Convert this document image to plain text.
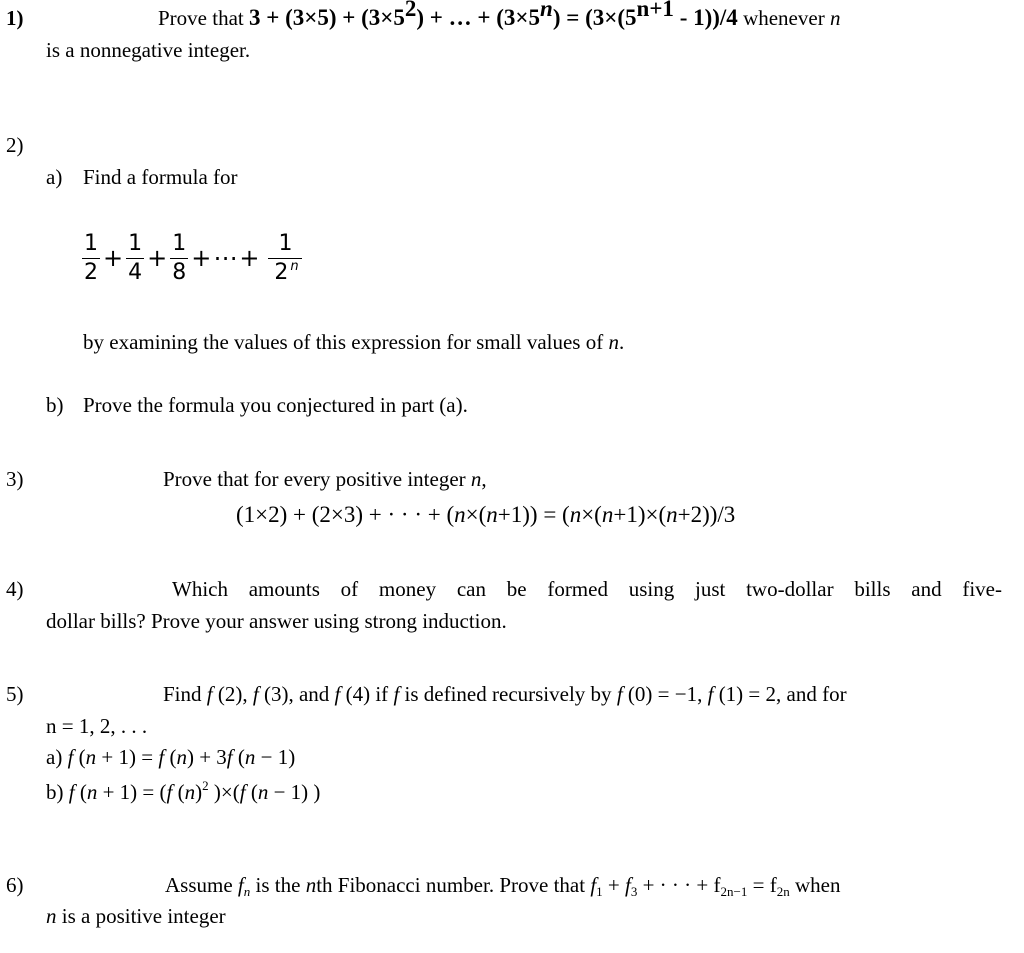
1)	Prove that $3 + (3\times 5) + (3\times 5^2)$ + … + $(3\times 5^n) = (3\times(5^{n+1} - 1))/4$ whenever n
is a nonnegative integer.
2)
a) Find a formula for
$\frac{1}{2} + \frac{1}{4} + \frac{1}{8}$ +⋯+ $\frac{1}{2 ^n}$
by examining the values of this expression for small values of n.
b) Prove the formula you conjectured in part (a).
3)	Prove that for every positive integer n,
(1×2) + (2×3) + · · · + (n×(n+1)) = (n×(n+1)×(n+2))/3
4)	Which amounts of money can be formed using just two-dollar bills and five-
dollar bills? Prove your answer using strong induction.
5)	Find f (2), f (3), and f (4) if f is defined recursively by f (0) = −1, f (1) = 2, and for
n = 1, 2, . . .
a) f (n + 1) = f (n) + 3f (n − 1)
b) f (n + 1) = (f $(n)^2$ )×(f (n − 1) )
6)	Assume $f_n$ is the nth Fibonacci number. Prove that $f_1 + f_3$ + · · · + $f_{2n-1} = f_{2n}$ when
n is a positive integer
